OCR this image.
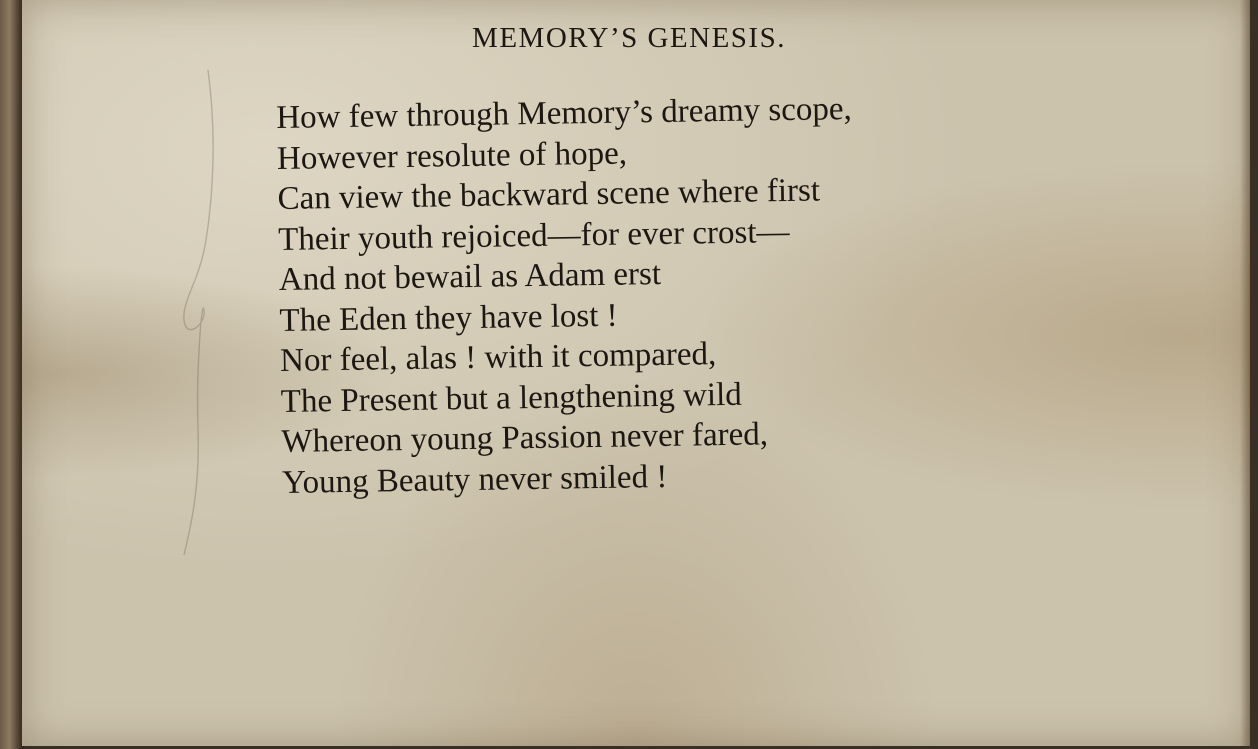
MEMORY’S GENESIS.
How few through Memory’s dreamy scope,
However resolute of hope,
Can view the backward scene where first
Their youth rejoiced—for ever crost—
And not bewail as Adam erst
The Eden they have lost !
Nor feel, alas ! with it compared,
The Present but a lengthening wild
Whereon young Passion never fared,
Young Beauty never smiled !
